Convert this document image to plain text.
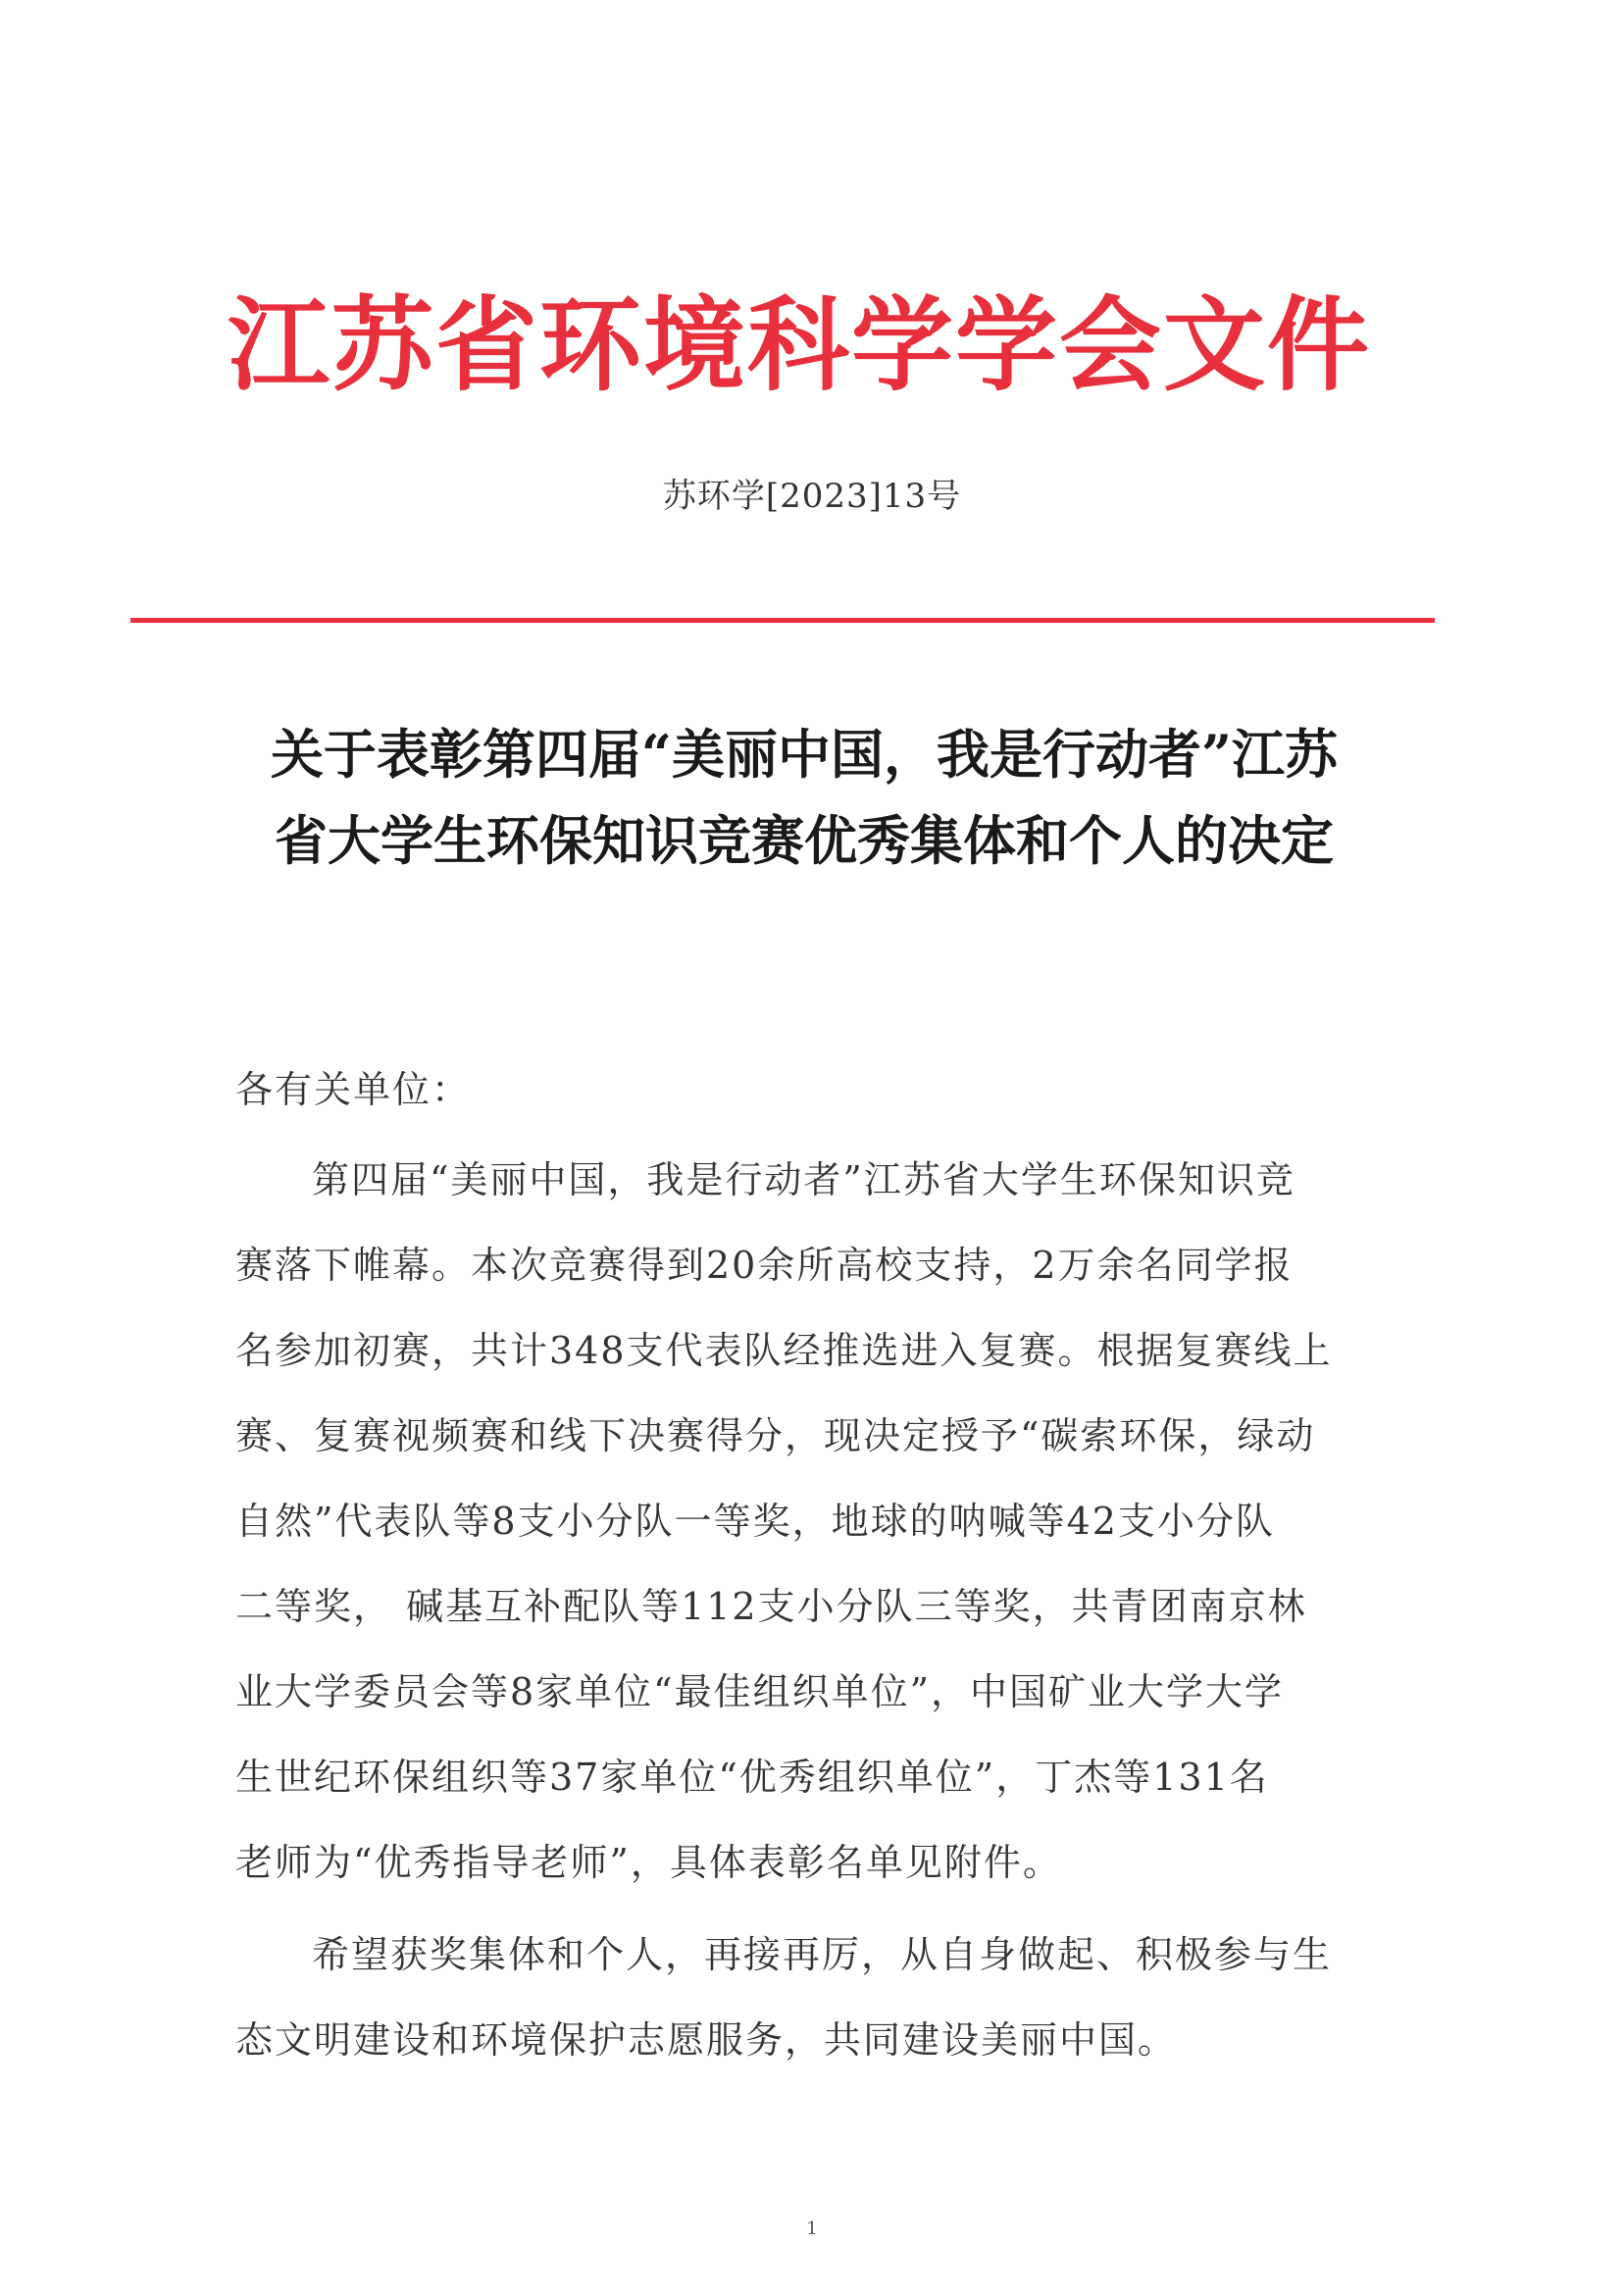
江苏省环境科学学会文件
苏环学[2023]13号
关于表彰第四届“美丽中国，我是行动者”江苏
省大学生环保知识竞赛优秀集体和个人的决定
各有关单位：
第四届“美丽中国，我是行动者”江苏省大学生环保知识竞
赛落下帷幕。本次竞赛得到20余所高校支持，2万余名同学报
名参加初赛，共计348支代表队经推选进入复赛。根据复赛线上
赛、复赛视频赛和线下决赛得分，现决定授予“碳索环保，绿动
自然”代表队等8支小分队一等奖，地球的呐喊等42支小分队
二等奖， 碱基互补配队等112支小分队三等奖，共青团南京林
业大学委员会等8家单位“最佳组织单位”，中国矿业大学大学
生世纪环保组织等37家单位“优秀组织单位”，丁杰等131名
老师为“优秀指导老师”，具体表彰名单见附件。
希望获奖集体和个人，再接再厉，从自身做起、积极参与生
态文明建设和环境保护志愿服务，共同建设美丽中国。
1
